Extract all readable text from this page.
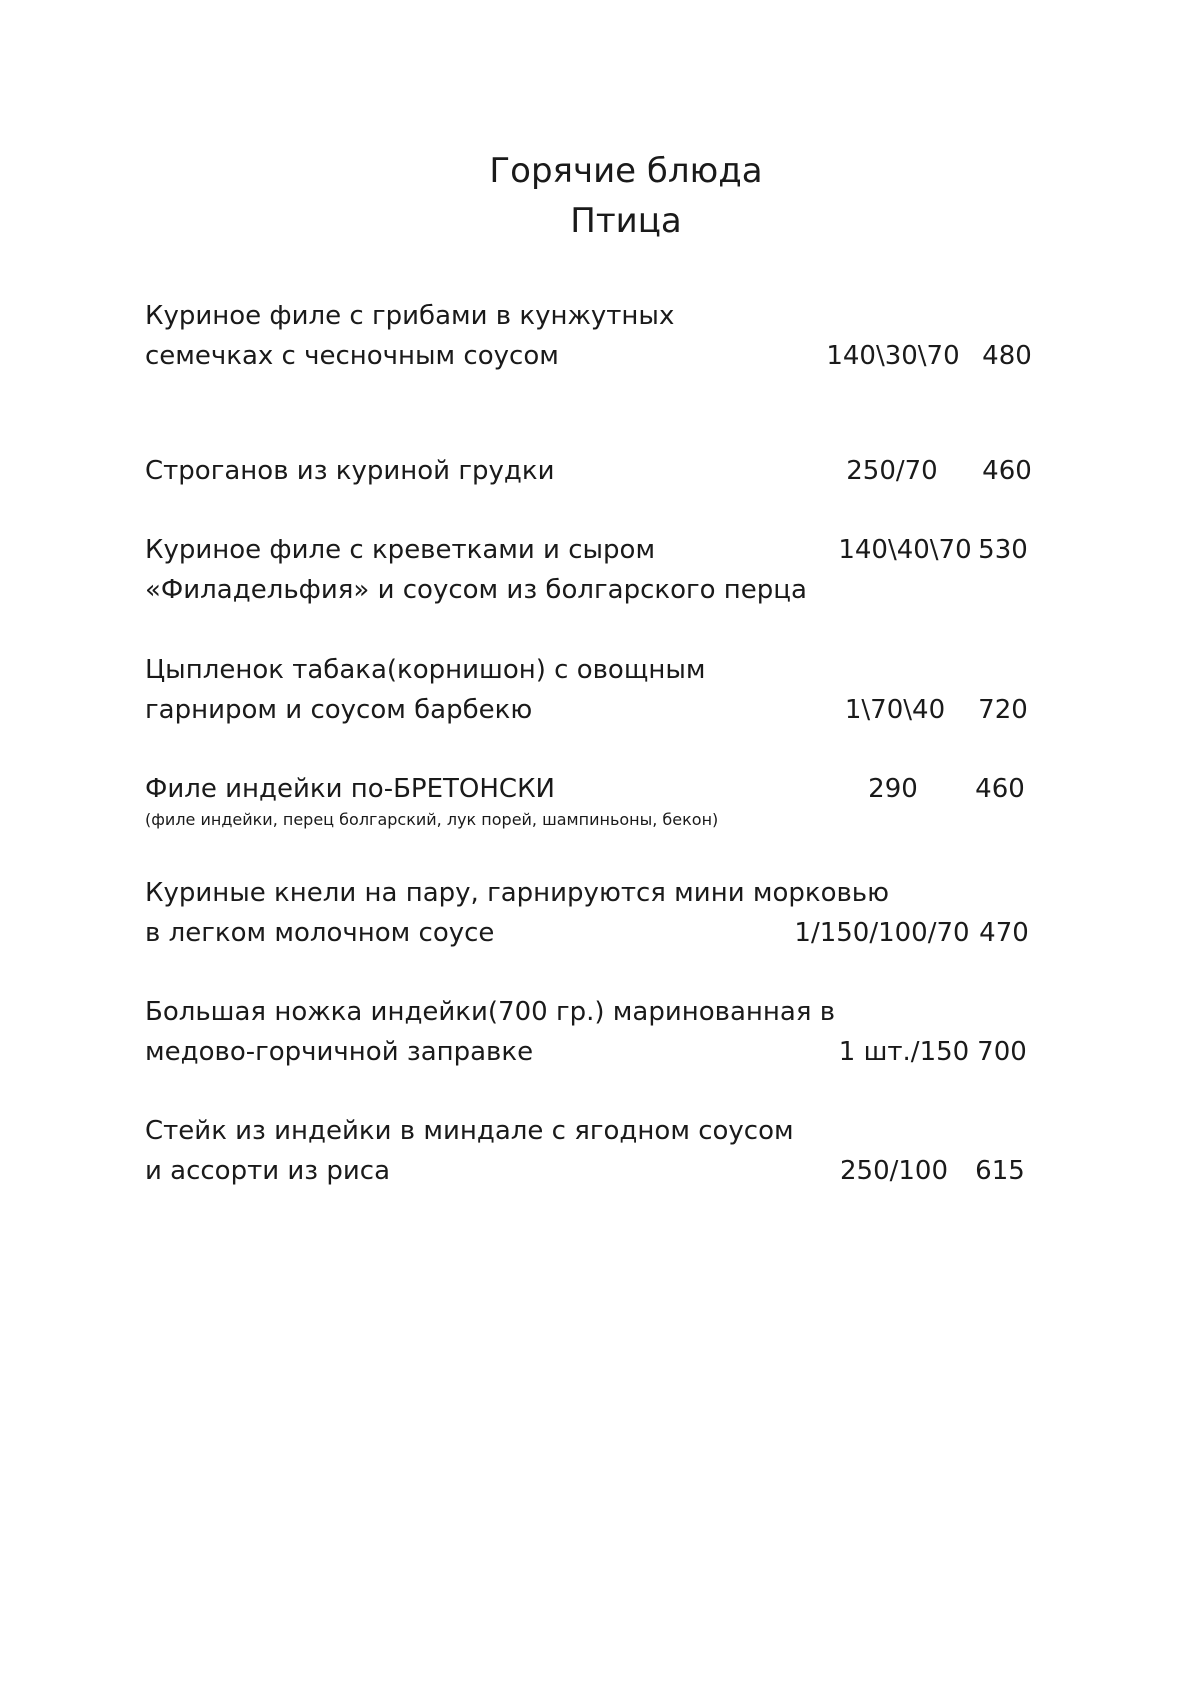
Горячие блюда
Птица
Куриное филе с грибами в кунжутных
семечках с чесночным соусом	140\30\70 480
Строганов из куриной грудки	250/70	460
Куриное филе с креветками и сыром
«Филадельфия» и соусом из болгарского перца
140\40\70 530
Цыпленок табака(корнишон) с овощным
гарниром и соусом барбекю	1\70\40	720
Филе индейки по-БРЕТОНСКИ
(филе индейки, перец болгарский, лук порей, шампиньоны, бекон)
290	460
Куриные кнели на пару, гарнируются мини морковью
в легком молочном соусе	1/150/100/70 470
Большая ножка индейки(700 гр.) маринованная в
медово-горчичной заправке	1 шт./150 700
Стейк из индейки в миндале с ягодном соусом
и ассорти из риса	250/100	615
